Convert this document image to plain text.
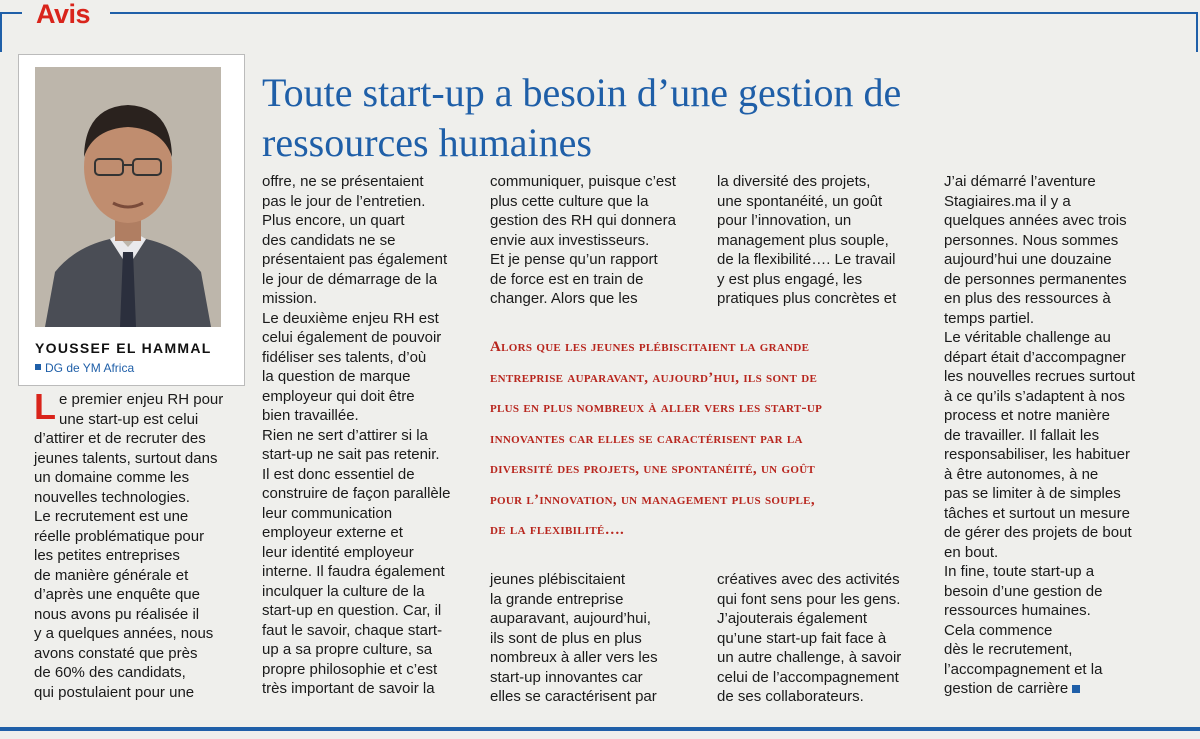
Avis
YOUSSEF EL HAMMAL
DG de YM Africa
Toute start-up a besoin d’une gestion de ressources humaines
Le premier enjeu RH pour
une start-up est celui
d’attirer et de recruter des
jeunes talents, surtout dans
un domaine comme les
nouvelles technologies.
Le recrutement est une
réelle problématique pour
les petites entreprises
de manière générale et
d’après une enquête que
nous avons pu réalisée il
y a quelques années, nous
avons constaté que près
de 60% des candidats,
qui postulaient pour une
offre, ne se présentaient
pas le jour de l’entretien.
Plus encore, un quart
des candidats ne se
présentaient pas également
le jour de démarrage de la
mission.
Le deuxième enjeu RH est
celui également de pouvoir
fidéliser ses talents, d’où
la question de marque
employeur qui doit être
bien travaillée.
Rien ne sert d’attirer si la
start-up ne sait pas retenir.
Il est donc essentiel de
construire de façon parallèle
leur communication
employeur externe et
leur identité employeur
interne. Il faudra également
inculquer la culture de la
start-up en question. Car, il
faut le savoir, chaque start-
up a sa propre culture, sa
propre philosophie et c’est
très important de savoir la
communiquer, puisque c’est
plus cette culture que la
gestion des RH qui donnera
envie aux investisseurs.
Et je pense qu’un rapport
de force est en train de
changer. Alors que les
la diversité des projets,
une spontanéité, un goût
pour l’innovation, un
management plus souple,
de la flexibilité…. Le travail
y est plus engagé, les
pratiques plus concrètes et
Alors que les jeunes plébiscitaient la grande
entreprise auparavant, aujourd’hui, ils sont de
plus en plus nombreux à aller vers les start-up
innovantes car elles se caractérisent par la
diversité des projets, une spontanéité, un goût
pour l’innovation, un management plus souple,
de la flexibilité….
jeunes plébiscitaient
la grande entreprise
auparavant, aujourd’hui,
ils sont de plus en plus
nombreux à aller vers les
start-up innovantes car
elles se caractérisent par
créatives avec des activités
qui font sens pour les gens.
J’ajouterais également
qu’une start-up fait face à
un autre challenge, à savoir
celui de l’accompagnement
de ses collaborateurs.
J’ai démarré l’aventure
Stagiaires.ma il y a
quelques années avec trois
personnes. Nous sommes
aujourd’hui une douzaine
de personnes permanentes
en plus des ressources à
temps partiel.
Le véritable challenge au
départ était d’accompagner
les nouvelles recrues surtout
à ce qu’ils s’adaptent à nos
process et notre manière
de travailler. Il fallait les
responsabiliser, les habituer
à être autonomes, à ne
pas se limiter à de simples
tâches et surtout un mesure
de gérer des projets de bout
en bout.
In fine, toute start-up a
besoin d’une gestion de
ressources humaines.
Cela commence
dès le recrutement,
l’accompagnement et la
gestion de carrière
